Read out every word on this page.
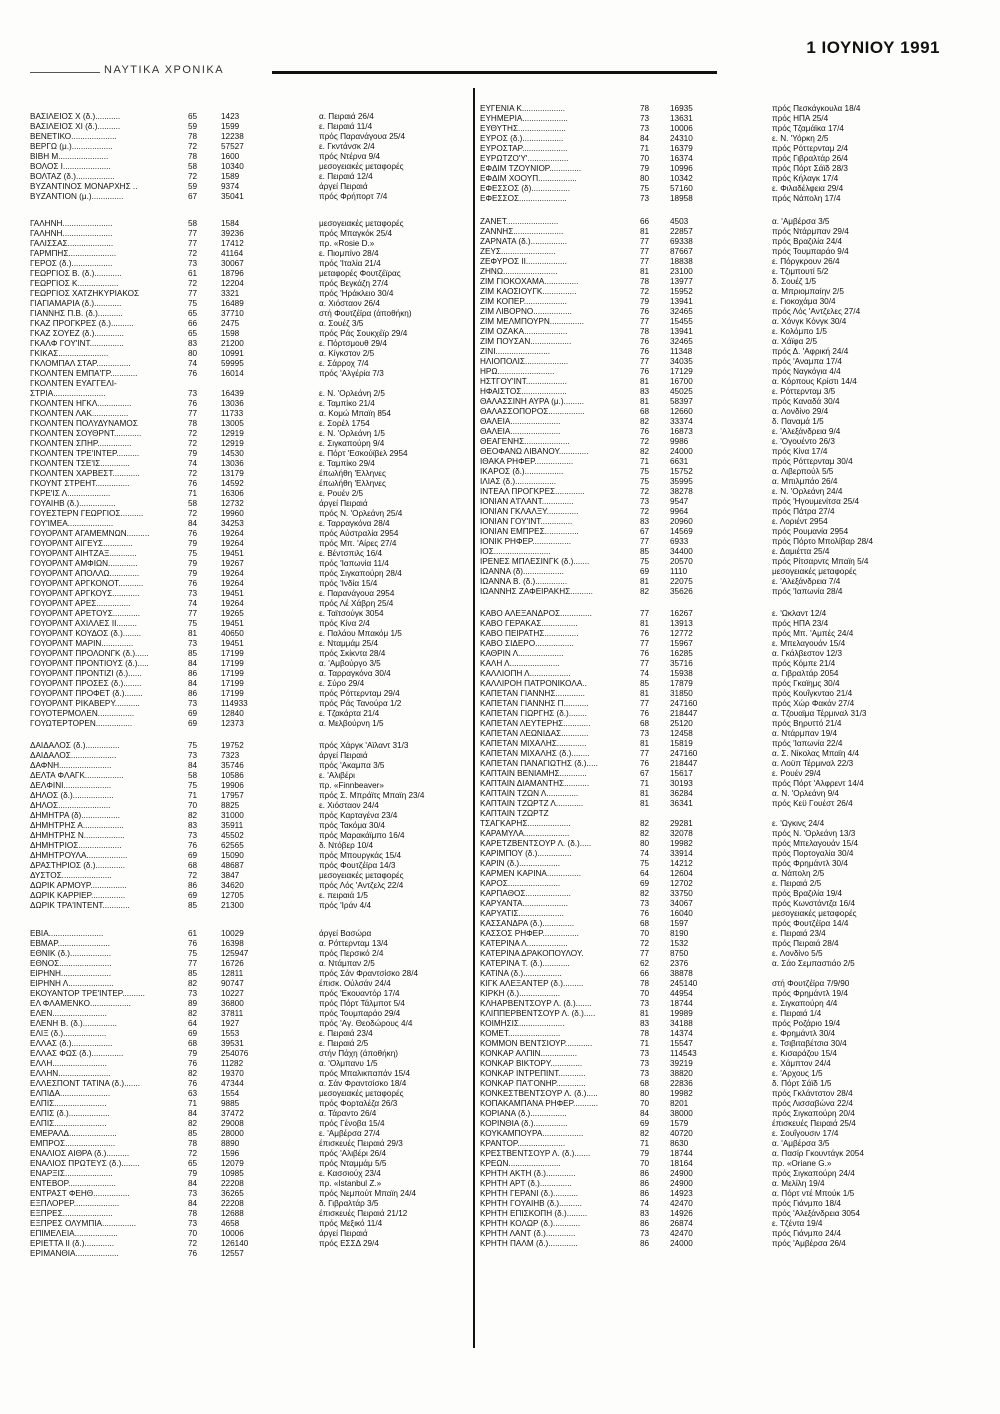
ΝΑΥΤΙΚΑ ΧΡΟΝΙΚΑ
1 ΙΟΥΝΙΟΥ 1991
ΒΑΣΙΛΕΙΟΣ Χ (δ.)...........	65	1423	α. Πειραιά 26/4
ΒΑΣΙΛΕΙΟΣ ΧΙ (δ.)..........	59	1599	ε. Πειραιά 11/4
ΒΕΝΕΤΙΚΟ....................	78	12238	πρός Παρανάγουα 25/4
ΒΕΡΓΩ (μ.)..................	72	57527	ε. Γκντάνσκ 2/4
ΒΙΒΗ Μ......................	78	1600	πρός Ντέρνα 9/4
ΒΟΛΟΣ Ι.....................	58	10340	μεσογειακές μεταφορές
ΒΟΛΤΑΖ (δ.).................	72	1589	ε. Πειραιά 12/4
ΒΥΖΑΝΤΙΝΟΣ ΜΟΝΑΡΧΗΣ ..	59	9374	άργεί Πειραιά
ΒΥΖΑΝΤΙΟΝ (μ.)..............	67	35041	πρός Φρήπορτ 7/4
ΓΑΛΗΝΗ......................	58	1584	μεσογειακές μεταφορές
ΓΑΛΗΝΗ......................	77	39236	πρός Μπαγκόκ 25/4
ΓΑΛΙΣΣΑΣ....................	77	17412	πρ. «Rosie D.»
ΓΑΡΜΠΗΣ.....................	72	41164	ε. Πιομπίνο 28/4
ΓΕΡΟΣ (δ.)..................	73	30067	πρός 'Ιταλία 21/4
ΓΕΩΡΓΙΟΣ Β. (δ.)............	61	18796	μεταφορές Φουτζέϊρας
ΓΕΩΡΓΙΟΣ Κ..................	72	12204	πρός Βεγκάζη 27/4
ΓΕΩΡΓΙΟΣ ΧΑΤΖΗΚΥΡΙΑΚΟΣ	77	3321	πρός 'Ηράκλειο 30/4
ΓΙΑΓΙΑΜΑΡΙΑ (δ.)............	75	16489	α. Χιόσταον 26/4
ΓΙΑΝΝΗΣ Π.Β. (δ.)...........	65	37710	στή Φουτζέϊρα (άποθήκη)
ΓΚΑΖ ΠΡΟΓΚΡΕΣ (δ.)..........	66	2475	α. Σουέζ 3/5
ΓΚΑΖ ΣΟΥΕΖ (δ.).............	65	1598	πρός Ράς Σουκχέϊρ 29/4
ΓΚΑΛΦ ΓΟΥ'ΙΝΤ...............	83	21200	ε. Πόρτσμουθ 29/4
ΓΚΙΚΑΣ......................	80	10991	α. Κίγκστον 2/5
ΓΚΛΟΜΠΑΛ ΣΤΑΡ...............	74	59995	ε. Σάρροχ 7/4
ΓΚΟΛΝΤΕΝ ΕΜΠΑ'ΓΡ............	76	16014	πρός 'Αλγέρία 7/3
ΓΚΟΛΝΤΕΝ ΕΥΑΓΓΕΛΙ-
ΣΤΡΙΑ.......................	73	16439	ε. Ν. 'Ορλεάνη 2/5
ΓΚΟΛΝΤΕΝ ΗΓΚΛ...............	76	13036	ε. Ταμπίκο 21/4
ΓΚΟΛΝΤΕΝ ΛΑΚ................	77	11733	α. Κομώ Μπαϊη 854
ΓΚΟΛΝΤΕΝ ΠΟΛΥΔΥΝΑΜΟΣ	78	13005	ε. Σορέλ 1754
ΓΚΟΛΝΤΕΝ ΣΟΥΘΡΝΤ............	72	12919	ε. Ν. 'Ορλεάνη 1/5
ΓΚΟΛΝΤΕΝ ΣΠΗΡ...............	72	12919	ε. Σιγκαπούρη 9/4
ΓΚΟΛΝΤΕΝ ΤΡΕ'ΙΝΤΕΡ..........	79	14530	ε. Πόρτ 'Εσκούϊβελ 2954
ΓΚΟΛΝΤΕΝ ΤΣΕ'ΙΣ.............	74	13036	ε. Ταμπίκο 29/4
ΓΚΟΛΝΤΕΝ ΧΑΡΒΕΣΤ............	72	13179	έπωλήθη 'Ελληνες
ΓΚΟΥΝΤ ΣΤΡΕΗΤ...............	76	14592	έπωλήθη 'Ελληνες
ΓΚΡΕ'ΙΣ Λ...................	71	16306	ε. Ρουέν 2/5
ΓΟΥΑΙΗΒ (δ.)................	58	12732	άργεί Πειραιά
ΓΟΥΕΣΤΕΡΝ ΓΕΩΡΓΙΟΣ..........	72	19960	πρός Ν. 'Ορλεάνη 25/4
ΓΟΥ'ΙΜΕΑ....................	84	34253	ε. Ταρραγκόνα 28/4
ΓΟΥΟΡΛΝΤ ΑΓΑΜΕΜΝΩΝ..........	76	19264	πρός Αύστραλία 2954
ΓΟΥΟΡΛΝΤ ΑΙΓΕΥΣ.............	79	19264	πρός Μπ. 'Αίρες 27/4
ΓΟΥΟΡΛΝΤ ΑΙΗΤΖΑΞ............	75	19451	ε. Βέντσπιλς 16/4
ΓΟΥΟΡΛΝΤ ΑΜΦΙΩΝ.............	79	19267	πρός 'Ιαπωνία 11/4
ΓΟΥΟΡΛΝΤ ΑΠΟΛΛΩ.............	79	19264	πρός Σιγκαπούρη 28/4
ΓΟΥΟΡΛΝΤ ΑΡΓΚΟΝΟΤ...........	76	19264	πρός 'Ινδία 15/4
ΓΟΥΟΡΛΝΤ ΑΡΓΚΟΥΣ............	73	19451	ε. Παρανάγουα 2954
ΓΟΥΟΡΛΝΤ ΑΡΕΣ...............	74	19264	πρός Λέ Χάβρη 25/4
ΓΟΥΟΡΛΝΤ ΑΡΕΤΟΥΣ............	77	19265	ε. Ταϊτσούγκ 3054
ΓΟΥΟΡΛΝΤ ΑΧΙΛΛΕΣ ΙΙ.........	75	19451	πρός Κίνα 2/4
ΓΟΥΟΡΛΝΤ ΚΟΥΔΟΣ (δ.)........	81	40650	ε. Παλάου Μπακόμ 1/5
ΓΟΥΟΡΛΝΤ ΜΑΡΙΝ..............	73	19451	ε. Νταμμάμ 25/4
ΓΟΥΟΡΛΝΤ ΠΡΟΛΟΝΓΚ (δ.)......	85	17199	πρός Σκίκντα 28/4
ΓΟΥΟΡΛΝΤ ΠΡΟΝΤΙΟΥΣ (δ.).....	84	17199	α. 'Αμβούργο 3/5
ΓΟΥΟΡΛΝΤ ΠΡΟΝΤΙΖΙ (δ.)......	86	17199	α. Ταρραγκόνα 30/4
ΓΟΥΟΡΛΝΤ ΠΡΟΣΕΣ (δ.)........	84	17199	ε. Σύρο 29/4
ΓΟΥΟΡΛΝΤ ΠΡΟΦΕΤ (δ.)........	86	17199	πρός Ρόττερνταμ 29/4
ΓΟΥΟΡΛΝΤ ΡΙΚΑΒΕΡΥ...........	73	114933	πρός Ράς Τανούρα 1/2
ΓΟΥΟΤΕΡΜΟΛΕΝ................	69	12840	ε. Τζακάρτα 21/4
ΓΟΥΩΤΕΡΤΟΡΕΝ................	69	12373	α. Μελβούρνη 1/5
ΔΑΙΔΑΛΟΣ (δ.)...............	75	19752	πρός Χάργκ 'Αϊλαντ 31/3
ΔΑΙΔΑΛΟΣ....................	73	7323	άργεί Πειραιά
ΔΑΦΝΗ.......................	84	35746	πρός 'Ακαμπα 3/5
ΔΕΛΤΑ ΦΛΑΓΚ.................	58	10586	ε. 'Αλιβέρι
ΔΕΛΦΙΝΙ.....................	75	19906	πρ. «Finnbeaver»
ΔΗΛΟΣ (δ.)..................	71	17957	πρός Σ. Μπράϊτς Μπαϊη 23/4
ΔΗΛΟΣ.......................	70	8825	ε. Χιόσταον 24/4
ΔΗΜΗΤΡΑ (δ).................	82	31000	πρός Καρταγένα 23/4
ΔΗΜΗΤΡΗΣ Α..................	83	35911	πρός Τακόμα 30/4
ΔΗΜΗΤΡΗΣ Ν..................	73	45502	πρός Μαρακάϊμπο 16/4
ΔΗΜΗΤΡΙΟΣ...................	76	62565	δ. Ντόβερ 10/4
ΔΗΜΗΤΡΟΥΛΑ..................	69	15090	πρός Μπουργκάς 15/4
ΔΡΑΣΤΗΡΙΟΣ (δ.).............	68	48687	πρός Φουτζέϊρα 14/3
ΔΥΣΤΟΣ......................	72	3847	μεσογειακές μεταφορές
ΔΩΡΙΚ ΑΡΜΟΥΡ................	86	34620	πρός Λός 'Αντζελς 22/4
ΔΩΡΙΚ ΚΑΡΡΙΕΡ...............	69	12705	ε. πειραιά 1/5
ΔΩΡΙΚ ΤΡΑ'ΙΝΤΕΝΤ............	85	21300	πρός 'Ιράν 4/4
ΕΒΙΑ........................	61	10029	άργεί Βασώρα
ΕΒΜΑΡ.......................	76	16398	α. Ρόττερνταμ 13/4
ΕΘΝΙΚ (δ.)..................	75	125947	πρός Περσικό 2/4
ΕΘΝΟΣ.......................	77	16726	α. Ντάμπαν 2/5
ΕΙΡΗΝΗ......................	85	12811	πρός Σάν Φραντσίσκο 28/4
ΕΙΡΗΝΗ Λ....................	82	90747	έπισκ. Ούλσάν 24/4
ΕΚΟΥΑΝΤΟΡ ΤΡΕ'ΙΝΤΕΡ..........	73	10227	πρός 'Εκουαντόρ 17/4
ΕΛ ΦΛΑΜΕΝΚΟ..................	89	36800	πρός Πόρτ Τάλμποτ 5/4
ΕΛΕΝ........................	82	37811	πρός Τουμπαράο 29/4
ΕΛΕΝΗ Β. (δ.)...............	64	1927	πρός 'Αγ. Θεοδώρους 4/4
ΕΛΙΞ (δ.)...................	69	1553	ε. Πειραιά 23/4
ΕΛΛΑΣ (δ.)..................	68	39531	ε. Πειραιά 2/5
ΕΛΛΑΣ ΦΩΣ (δ.)..............	79	254076	στήν Πάχη (άποθήκη)
ΕΛΛΗ........................	76	11282	α. 'Ολμπανυ 1/5
ΕΛΛΗΝ.......................	82	19370	πρός Μπαλικπαπάν 15/4
ΕΛΛΕΣΠΟΝΤ ΤΑΤΙΝΑ (δ.).......	76	47344	α. Σάν Φραντσίσκο 18/4
ΕΛΠΙΔΑ......................	63	1554	μεσογειακές μεταφορές
ΕΛΠΙΣ.......................	71	9885	πρός Φορταλέζα 26/3
ΕΛΠΙΣ (δ.)..................	84	37472	α. Τάραντο 26/4
ΕΛΠΙΣ.......................	82	29008	πρός Γένοβα 15/4
ΕΜΕΡΑΛΔ.....................	85	28000	ε. 'Αμβέρσα 27/4
ΕΜΠΡΟΣ......................	78	8890	έπισκευές Πειραιά 29/3
ΕΝΑΛΙΟΣ ΑΙΘΡΑ (δ.)..........	72	1596	πρός 'Αλιβέρι 26/4
ΕΝΑΛΙΟΣ ΠΡΩΤΕΥΣ (δ.)........	65	12079	πρός Νταμμάμ 5/5
ΕΝΑΡΞΙΣ.....................	79	10985	ε. Κασσιούχ 23/4
ΕΝΤΕΒΟΡ.....................	84	22208	πρ. «Istanbul Z.»
ΕΝΤΡΑΣΤ ΦΕΗΘ................	73	36265	πρός Νεμπούτ Μπαϊη 24/4
ΕΞΠΛΟΡΕΡ....................	84	22208	δ. Γιβραλτάρ 3/5
ΕΞΠΡΕΣ......................	78	12688	έπισκευές Πειραιά 21/12
ΕΞΠΡΕΣ ΟΛΥΜΠΙΑ...............	73	4658	πρός Μεξικό 11/4
ΕΠΙΜΕΛΕΙΑ...................	70	10006	άργεί Πειραιά
ΕΡΙΕΤΤΑ ΙΙ (δ.).............	72	126140	πρός ΕΣΣΔ 29/4
ΕΡΙΜΑΝΘΙΑ...................	76	12557
ΕΥΓΕΝΙΑ Κ...................	78	16935	πρός Πεσκάγκουλα 18/4
ΕΥΗΜΕΡΙΑ....................	73	13631	πρός ΗΠΑ 25/4
ΕΥΘΥΤΗΣ.....................	73	10006	πρός Τζαμάϊκα 17/4
ΕΥΡΟΣ (δ.)..................	84	24310	ε. Ν. 'Υόρκη 2/5
ΕΥΡΟΣΤΑΡ....................	71	16379	πρός Ρόττερνταμ 2/4
ΕΥΡΩΤΖΟ'Υ'..................	70	16374	πρός Γιβραλτάρ 26/4
ΕΦΔΙΜ ΤΖΟΥΝΙΟΡ..............	79	10996	πρός Πόρτ Σάϊδ 28/3
ΕΦΔΙΜ ΧΟΟΥΠ.................	80	10342	πρός Κήλαγκ 17/4
ΕΦΕΣΣΟΣ (δ).................	75	57160	ε. Φιλαδέλφεια 29/4
ΕΦΕΣΣΟΣ.....................	73	18958	πρός Νάπολη 17/4
ΖΑΝΕΤ.......................	66	4503	α. 'Αμβέρσα 3/5
ΖΑΝΝΗΣ......................	81	22857	πρός Ντάρμπαν 29/4
ΖΑΡΝΑΤΑ (δ.)................	77	69338	πρός Βραζιλία 24/4
ΖΕΥΣ........................	77	87667	πρός Τουμπαράο 9/4
ΖΕΦΥΡΟΣ ΙΙ..................	77	18838	ε. Πόργκρουν 26/4
ΖΗΝΩ........................	81	23100	ε. Τζιμπουτί 5/2
ΖΙΜ ΓΙΟΚΟΧΑΜΑ...............	78	13977	δ. Σουέζ 1/5
ΖΙΜ ΚΑΟΣΙΟΥΓΚ...............	72	15952	α. Μπριομπαίην 2/5
ΖΙΜ ΚΟΠΕΡ...................	79	13941	ε. Γιοκοχάμα 30/4
ΖΙΜ ΛΙΒΟΡΝΟ.................	76	32465	πρός Λός 'Αντζελες 27/4
ΖΙΜ ΜΕΛΜΠΟΥΡΝ...............	77	15455	α. Χόνγκ Κόνγκ 30/4
ΖΙΜ ΟΖΑΚΑ...................	78	13941	ε. Κολόμπο 1/5
ΖΙΜ ΠΟΥΣΑΝ..................	76	32465	α. Χάϊφα 2/5
ΖΙΝΙ........................	76	11348	πρός Δ. 'Αφρική 24/4
ΗΛΙΟΠΟΛΙΣ...................	77	34035	πρός 'Αναμπα 17/4
ΗΡΩ.........................	76	17129	πρός Ναγκόγια 4/4
ΗΣΤΓΟΥ'ΙΝΤ..................	81	16700	α. Κόρπους Κρίστι 14/4
ΗΦΑΙΣΤΟΣ....................	83	45025	ε. Ρόττερνταμ 3/5
ΘΑΛΑΣΣΙΝΗ ΑΥΡΑ (μ.).........	81	58397	πρός Καναδά 30/4
ΘΑΛΑΣΣΟΠΟΡΟΣ................	68	12660	α. Λονδίνο 29/4
ΘΑΛΕΙΑ......................	82	33374	δ. Παναμά 1/5
ΘΑΛΕΙΑ......................	76	16873	ε. 'Αλεξάνδρεια 9/4
ΘΕΑΓΕΝΗΣ....................	72	9986	ε. 'Ογουέντο 26/3
ΘΕΟΦΑΝΩ ΛΙΒΑΝΟΥ.............	82	24000	πρός Κίνα 17/4
ΙΘΑΚΑ ΡΗΦΕΡ.................	71	6631	πρός Ρόττερνταμ 30/4
ΙΚΑΡΟΣ (δ.).................	75	15752	α. Λιβερπούλ 5/5
ΙΛΙΑΣ (δ.)..................	75	35995	α. Μπιλμπάο 26/4
ΙΝΤΕΑΛ ΠΡΟΓΚΡΕΣ.............	72	38278	ε. Ν. 'Ορλεάνη 24/4
ΙΟΝΙΑΝ Α'ΓΛΑΝΤ..............	73	9547	πρός 'Ηγουμενίτσα 25/4
ΙΟΝΙΑΝ ΓΚΛΑΛΞΥ..............	72	9964	πρός Πάτρα 27/4
ΙΟΝΙΑΝ ΓΟΥ'ΙΝΤ..............	83	20960	ε. Λοριέντ 2954
ΙΟΝΙΑΝ ΕΜΠΡΕΣ...............	67	14569	πρός Ρουμανία 2954
ΙΟΝΙΚ ΡΗΦΕΡ.................	77	6933	πρός Πόρτο Μπολίβαρ 28/4
ΙΟΣ.........................	85	34400	ε. Δαμιέττα 25/4
ΙΡΕΝΕΣ ΜΠΛΕΣΙΝΓΚ (δ.).......	75	20570	πρός Ρίτσαρντς Μπαϊη 5/4
ΙΩΑΝΝΑ (δ)..................	69	1110	μεσογειακές μεταφορές
ΙΩΑΝΝΑ Β. (δ.)..............	81	22075	ε. 'Αλεξάνδρεια 7/4
ΙΩΑΝΝΗΣ ΖΑΦΕΙΡΑΚΗΣ..........	82	35626	πρός 'Ιαπωνία 28/4
ΚΑΒΟ ΑΛΕΞΑΝΔΡΟΣ..............	77	16267	ε. 'Ωκλαντ 12/4
ΚΑΒΟ ΓΕΡΑΚΑΣ................	81	13913	πρός ΗΠΑ 23/4
ΚΑΒΟ ΠΕΙΡΑΤΗΣ...............	76	12772	πρός Μπ. 'Αμπές 24/4
ΚΑΒΟ ΣΙΔΕΡΟ.................	77	15967	ε. Μπελαγουάν 15/4
ΚΑΘΡΙΝ Λ....................	76	16285	α. Γκάλβεστον 12/3
ΚΑΛΗ Λ......................	77	35716	πρός Κόμπε 21/4
ΚΑΛΛΙΟΠΗ Λ..................	74	15938	α. Γιβραλτάρ 2054
ΚΑΛΛΙΡΟΗ ΠΑΤΡΟΝΙΚΟΛΑ..	85	17879	πρός Γκαϊημς 30/4
ΚΑΠΕΤΑΝ ΓΙΑΝΝΗΣ.............	81	31850	πρός Κουΐγκνταο 21/4
ΚΑΠΕΤΑΝ ΓΙΑΝΝΗΣ Π...........	77	247160	πρός Χώρ Φακάν 27/4
ΚΑΠΕΤΑΝ ΓΙΩΡΓΗΣ (δ.)........	76	218447	α. Τζουαϊμα Τέρμιναλ 31/3
ΚΑΠΕΤΑΝ ΛΕΥΤΕΡΗΣ............	68	25120	πρός Βηρυττό 21/4
ΚΑΠΕΤΑΝ ΛΕΩΝΙΔΑΣ............	73	12458	α. Ντάρμπαν 19/4
ΚΑΠΕΤΑΝ ΜΙΧΑΛΗΣ.............	81	15819	πρός 'Ιαπωνία 22/4
ΚΑΠΕΤΑΝ ΜΙΧΑΛΗΣ (δ.)........	77	247160	α. Σ. Νίκολας Μπαϊη 4/4
ΚΑΠΕΤΑΝ ΠΑΝΑΓΙΩΤΗΣ (δ.).....	76	218447	α. Λοϋπ Τέρμιναλ 22/3
ΚΑΠΤΑΙΝ ΒΕΝΙΑΜΗΣ............	67	15617	ε. Ρουέν 29/4
ΚΑΠΤΑΙΝ ΔΙΑΜΑΝΤΗΣ...........	71	30193	πρός Πόρτ 'Αλφρεντ 14/4
ΚΑΠΤΑΙΝ ΤΖΩΝ Λ..............	81	36284	α. Ν. 'Ορλεάνη 9/4
ΚΑΠΤΑΙΝ ΤΖΩΡΤΖ Λ............	81	36341	πρός Κεϋ Γουέστ 26/4
ΚΑΠΤΑΙΝ ΤΖΩΡΤΖ
ΤΣΑΓΚΑΡΗΣ...................	82	29281	ε. 'Ωγκινς 24/4
ΚΑΡΑΜΥΛΑ....................	82	32078	πρός Ν. 'Ορλεάνη 13/3
ΚΑΡΕΤΖΒΕΝΤΣΟΥΡ Λ. (δ.).....	80	19982	πρός Μπελαγουάν 15/4
ΚΑΡΙΜΠΟΥ (δ.)...............	74	33914	πρός Πορτογαλία 30/4
ΚΑΡΙΝ (δ.)..................	75	14212	πρός Φρημάντλ 30/4
ΚΑΡΜΕΝ ΚΑΡΙΝΑ...............	64	12604	α. Νάπολη 2/5
ΚΑΡΟΣ.......................	69	12702	ε. Πειραιά 2/5
ΚΑΡΠΑΘΟΣ....................	82	33750	πρός Βραζιλία 19/4
ΚΑΡΥΑΝΤΑ....................	73	34067	πρός Κωνστάντζα 16/4
ΚΑΡΥΑΤΙΣ....................	76	16040	μεσογειακές μεταφορές
ΚΑΣΣΑΝΔΡΑ (δ.)..............	68	1597	πρός Φουτζέϊρα 14/4
ΚΑΣΣΟΣ ΡΗΦΕΡ................	70	8190	ε. Πειραιά 23/4
ΚΑΤΕΡΙΝΑ Λ..................	72	1532	πρός Πειραιά 28/4
ΚΑΤΕΡΙΝΑ ΔΡΑΚΟΠΟΥΛΟΥ.	77	8750	ε. Λονδίνο 5/5
ΚΑΤΕΡΙΝΑ Τ. (δ.)............	62	2376	α. Σάο Σεμπαστιάο 2/5
ΚΑΤΙΝΑ (δ.).................	66	38878
ΚΙΓΚ ΑΛΕΞΑΝΤΕΡ (δ.).........	78	245140	στή Φουτζέϊρα 7/9/90
ΚΙΡΚΗ (δ.)..................	70	44954	πρός Φρημάντλ 19/4
ΚΛΗΑΡΒΕΝΤΣΟΥΡ Λ. (δ.).......	73	18744	ε. Σιγκαπούρη 4/4
ΚΛΙΠΠΕΡΒΕΝΤΣΟΥΡ Λ. (δ.).....	81	19989	ε. Πειραιά 1/4
ΚΟΙΜΗΣΙΣ....................	83	34188	πρός Ροζάριο 19/4
ΚΟΜΕΤ.......................	78	14374	ε. Φρημάντλ 30/4
ΚΟΜΜΟΝ ΒΕΝΤΣΙΟΥΡ............	71	15547	ε. Τσιβιταβέτσια 30/4
ΚΟΝΚΑΡ ΑΛΠΙΝ................	73	114543	ε. Κισαράζου 15/4
ΚΟΝΚΑΡ ΒΙΚΤΟΡΥ..............	73	39219	ε. Χάμπτον 24/4
ΚΟΝΚΑΡ ΙΝΤΡΕΠΙΝΤ............	73	38820	ε. 'Αρχους 1/5
ΚΟΝΚΑΡ ΠΑ'ΓΟΝΗΡ.............	68	22836	δ. Πόρτ Σάϊδ 1/5
ΚΟΝΚΕΣΤΒΕΝΤΣΟΥΡ Λ. (δ.).....	80	19982	πρός Γκλάντστον 28/4
ΚΟΠΑΚΑΜΠΑΝΑ ΡΗΦΕΡ...........	70	8201	πρός Λισσαβώνα 22/4
ΚΟΡΙΑΝΑ (δ.)................	84	38000	πρός Σιγκαπούρη 20/4
ΚΟΡΙΝΘΙΑ (δ.)...............	69	1579	έπισκευές Πειραιά 25/4
ΚΟΥΚΑΜΠΟΥΡΑ..................	82	40720	ε. Σουΐγουσιν 17/4
ΚΡΑΝΤΟΡ.....................	71	8630	α. 'Αμβέρσα 3/5
ΚΡΕΣΤΒΕΝΤΣΟΥΡ Λ. (δ.).......	79	18744	α. Πασίρ Γκουντάγκ 2054
ΚΡΕΩΝ.......................	70	18164	πρ. «Oriane G.»
ΚΡΗΤΗ ΑΚΤΗ (δ.).............	86	24900	πρός Σιγκαπούρη 24/4
ΚΡΗΤΗ ΑΡΤ (δ.)..............	86	24900	α. Μελίλη 19/4
ΚΡΗΤΗ ΓΕΡΑΝΙ (δ.)...........	86	14923	α. Πόρτ ντέ Μπούκ 1/5
ΚΡΗΤΗ ΓΟΥΑΙΗΒ (δ.)..........	74	42470	πρός Γιάνμπο 18/4
ΚΡΗΤΗ ΕΠΙΣΚΟΠΗ (δ.).........	83	14926	πρός 'Αλεξάνδρεια 3054
ΚΡΗΤΗ ΚΟΛΩΡ (δ.)............	86	26874	ε. Τζέντα 19/4
ΚΡΗΤΗ ΛΑΝΤ (δ.).............	73	42470	πρός Γιάνμπο 24/4
ΚΡΗΤΗ ΠΑΛΜ (δ.).............	86	24000	πρός 'Αμβέρσα 26/4
